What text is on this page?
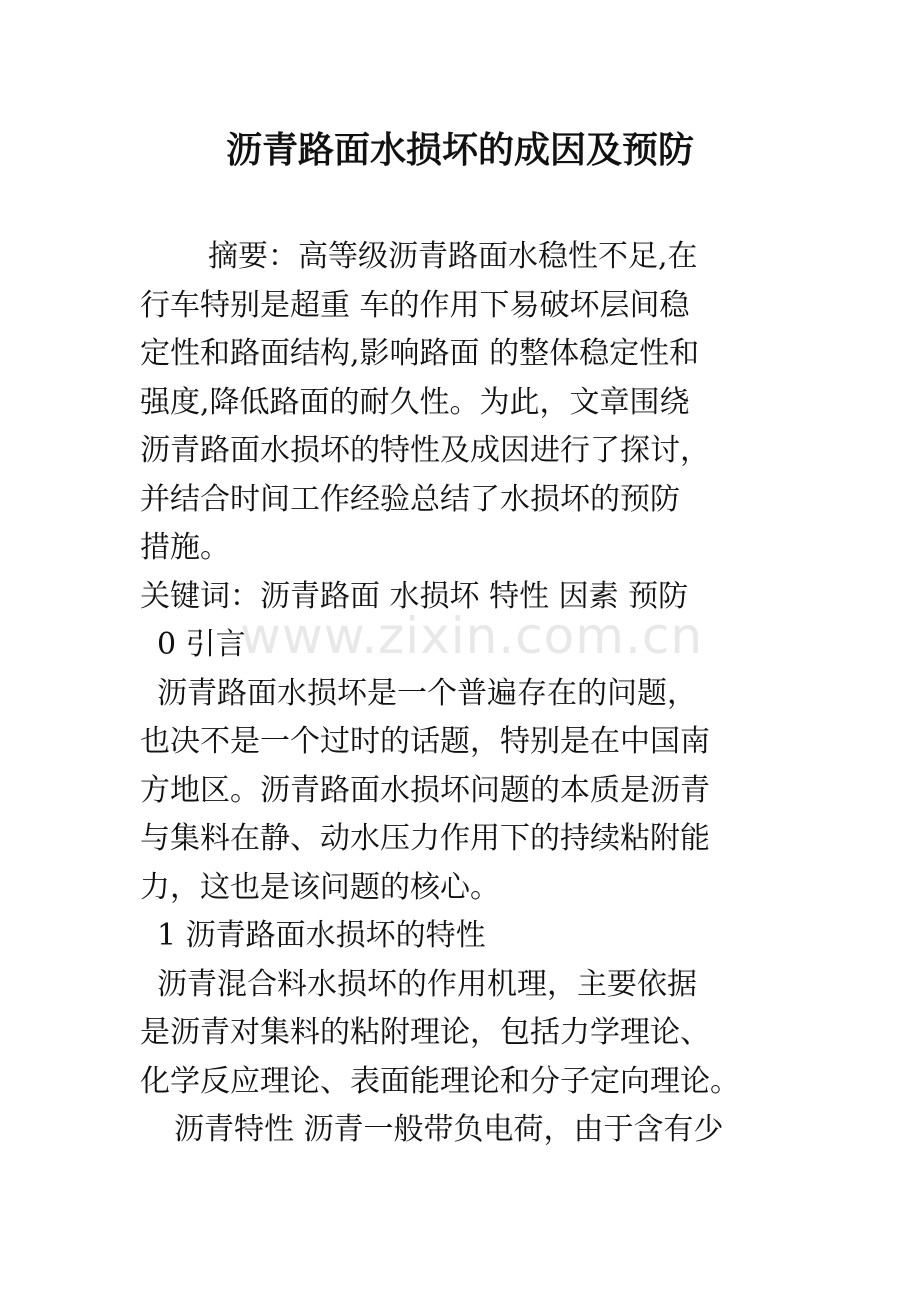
沥青路面水损坏的成因及预防
摘要：高等级沥青路面水稳性不足,在
行车特别是超重 车的作用下易破坏层间稳
定性和路面结构,影响路面 的整体稳定性和
强度,降低路面的耐久性。为此，文章围绕
沥青路面水损坏的特性及成因进行了探讨，
并结合时间工作经验总结了水损坏的预防
措施。
关键词：沥青路面 水损坏 特性 因素 预防
0 引言
沥青路面水损坏是一个普遍存在的问题，
也决不是一个过时的话题，特别是在中国南
方地区。沥青路面水损坏问题的本质是沥青
与集料在静、动水压力作用下的持续粘附能
力，这也是该问题的核心。
1 沥青路面水损坏的特性
沥青混合料水损坏的作用机理，主要依据
是沥青对集料的粘附理论，包括力学理论、
化学反应理论、表面能理论和分子定向理论。
沥青特性 沥青一般带负电荷，由于含有少
www.zixin.com.cn
